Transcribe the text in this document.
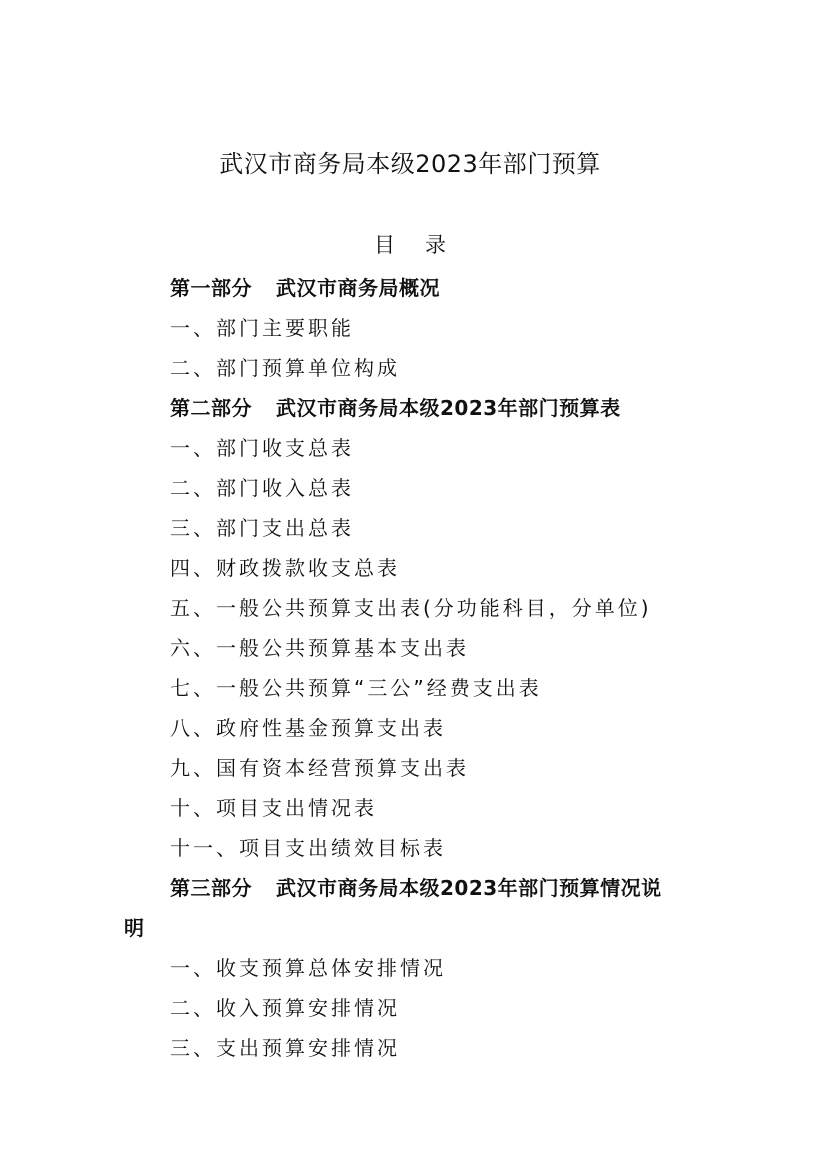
武汉市商务局本级2023年部门预算
目 录
第一部分 武汉市商务局概况
一、部门主要职能
二、部门预算单位构成
第二部分 武汉市商务局本级2023年部门预算表
一、部门收支总表
二、部门收入总表
三、部门支出总表
四、财政拨款收支总表
五、一般公共预算支出表(分功能科目，分单位)
六、一般公共预算基本支出表
七、一般公共预算“三公”经费支出表
八、政府性基金预算支出表
九、国有资本经营预算支出表
十、项目支出情况表
十一、项目支出绩效目标表
第三部分 武汉市商务局本级2023年部门预算情况说
明
一、收支预算总体安排情况
二、收入预算安排情况
三、支出预算安排情况
